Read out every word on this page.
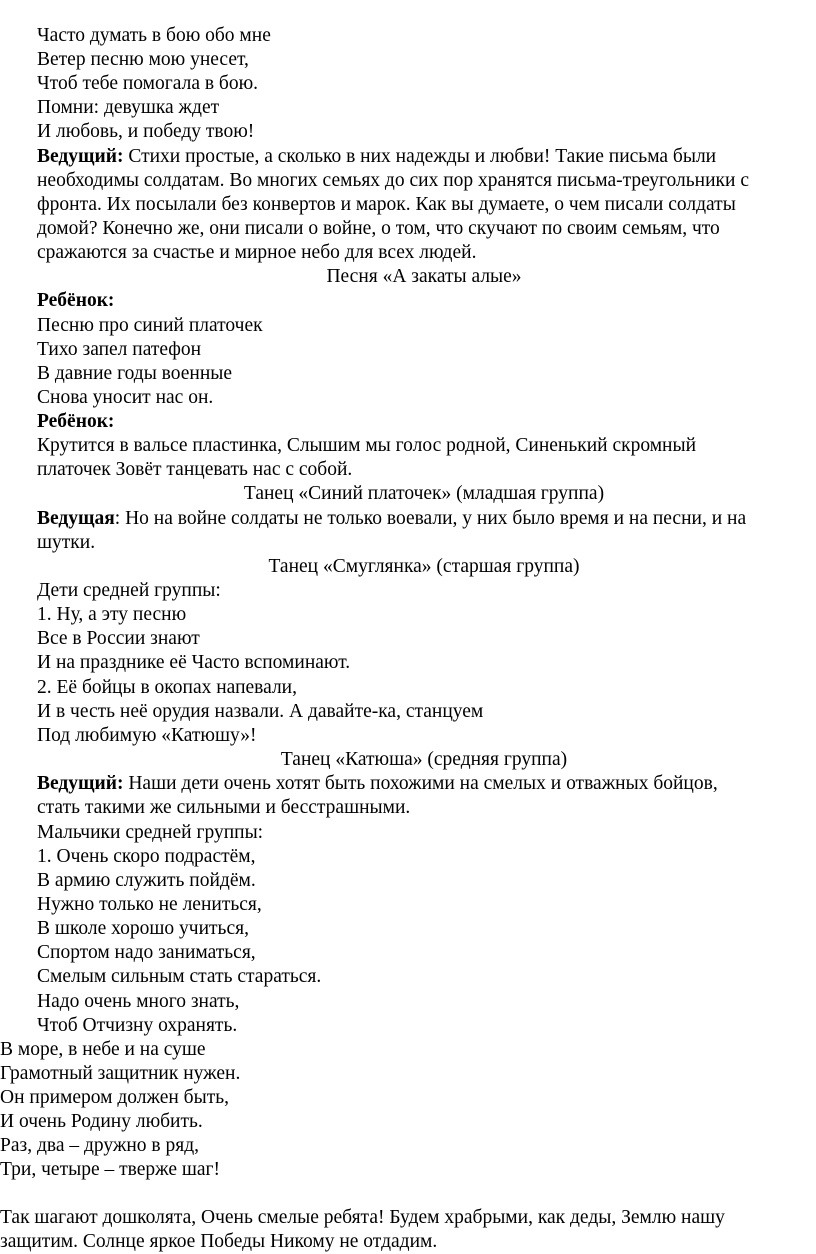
Часто думать в бою обо мне
Ветер песню мою унесет,
Чтоб тебе помогала в бою.
Помни: девушка ждет
И любовь, и победу твою!
Ведущий: Стихи простые, а сколько в них надежды и любви! Такие письма были
необходимы солдатам. Во многих семьях до сих пор хранятся письма-треугольники с
фронта. Их посылали без конвертов и марок. Как вы думаете, о чем писали солдаты
домой? Конечно же, они писали о войне, о том, что скучают по своим семьям, что
сражаются за счастье и мирное небо для всех людей.
Песня «А закаты алые»
Ребёнок:
Песню про синий платочек
Тихо запел патефон
В давние годы военные
Снова уносит нас он.
Ребёнок:
Крутится в вальсе пластинка, Слышим мы голос родной, Синенький скромный
платочек Зовёт танцевать нас с собой.
Танец «Синий платочек» (младшая группа)
Ведущая: Но на войне солдаты не только воевали, у них было время и на песни, и на
шутки.
Танец «Смуглянка» (старшая группа)
Дети средней группы:
1. Ну, а эту песню
Все в России знают
И на празднике её Часто вспоминают.
2. Её бойцы в окопах напевали,
И в честь неё орудия назвали. А давайте-ка, станцуем
Под любимую «Катюшу»!
Танец «Катюша» (средняя группа)
Ведущий: Наши дети очень хотят быть похожими на смелых и отважных бойцов,
стать такими же сильными и бесстрашными.
Мальчики средней группы:
1. Очень скоро подрастём,
В армию служить пойдём.
Нужно только не лениться,
В школе хорошо учиться,
Спортом надо заниматься,
Смелым сильным стать стараться.
Надо очень много знать,
Чтоб Отчизну охранять.
В море, в небе и на суше
Грамотный защитник нужен.
Он примером должен быть,
И очень Родину любить.
Раз, два – дружно в ряд,
Три, четыре – тверже шаг!
Так шагают дошколята, Очень смелые ребята! Будем храбрыми, как деды, Землю нашу
защитим. Солнце яркое Победы Никому не отдадим.
